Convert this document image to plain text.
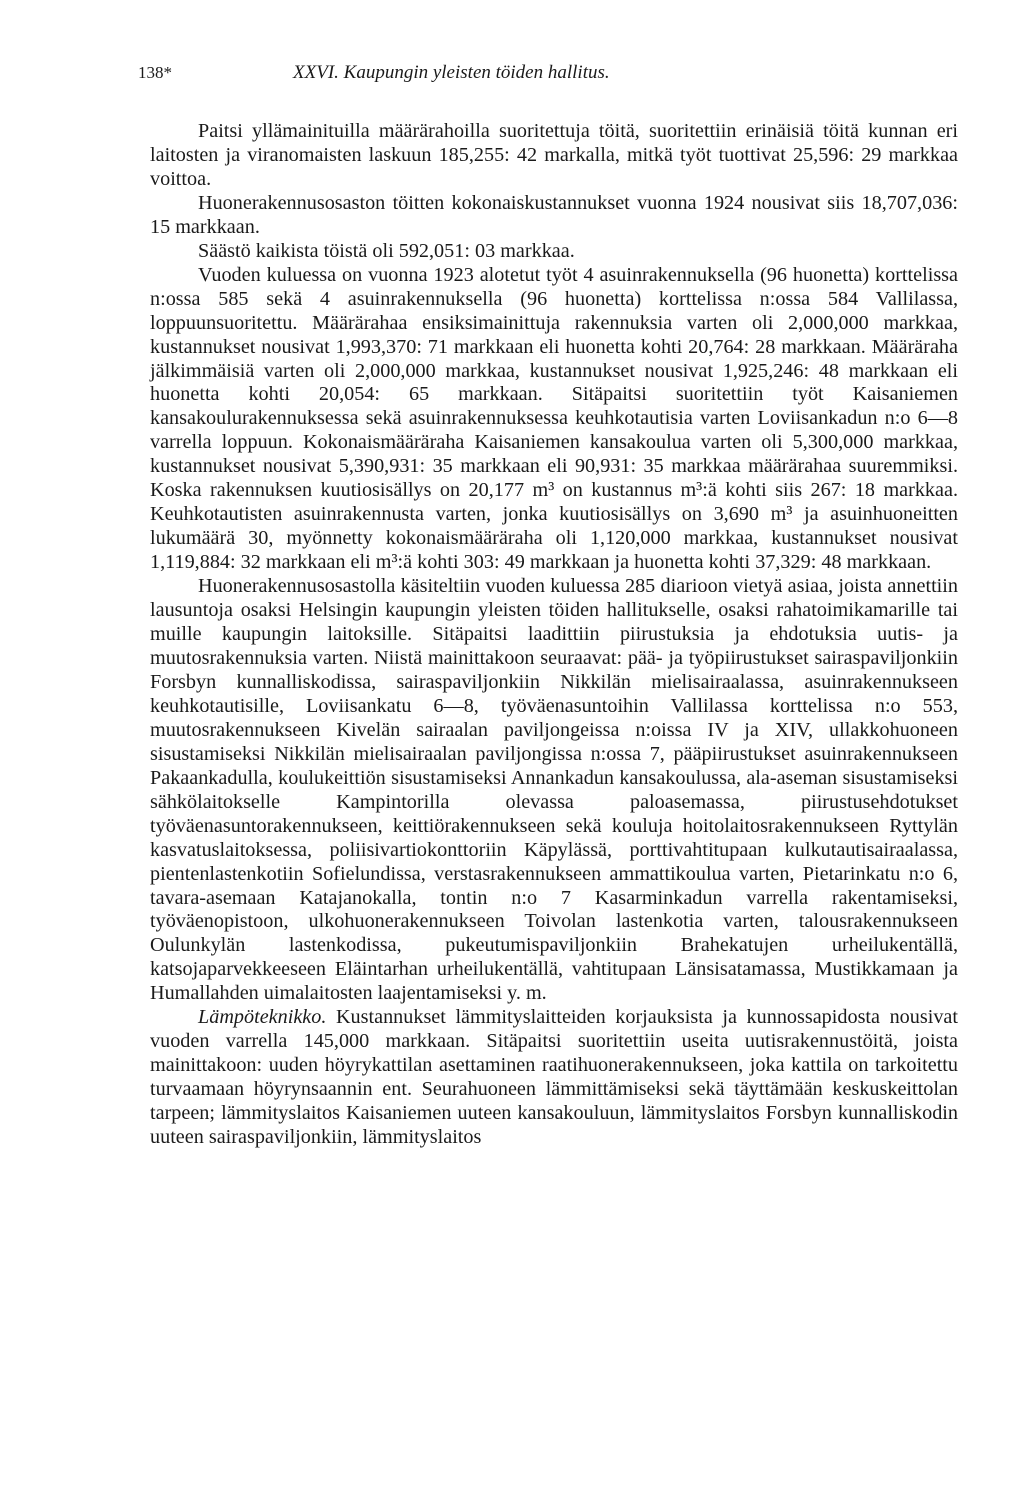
138*	XXVI. Kaupungin yleisten töiden hallitus.

Paitsi yllämainituilla määrärahoilla suoritettuja töitä, suoritettiin erinäisiä töitä kunnan eri laitosten ja viranomaisten laskuun 185,255: 42 markalla, mitkä työt tuottivat 25,596: 29 markkaa voittoa.

Huonerakennusosaston töitten kokonaiskustannukset vuonna 1924 nousivat siis 18,707,036: 15 markkaan.

Säästö kaikista töistä oli 592,051: 03 markkaa.

Vuoden kuluessa on vuonna 1923 alotetut työt 4 asuinrakennuksella (96 huonetta) korttelissa n:ossa 585 sekä 4 asuinrakennuksella (96 huonetta) korttelissa n:ossa 584 Vallilassa, loppuunsuoritettu. Määrärahaa ensiksimainittuja rakennuksia varten oli 2,000,000 markkaa, kustannukset nousivat 1,993,370: 71 markkaan eli huonetta kohti 20,764: 28 markkaan. Määräraha jälkimmäisiä varten oli 2,000,000 markkaa, kustannukset nousivat 1,925,246: 48 markkaan eli huonetta kohti 20,054: 65 markkaan. Sitäpaitsi suoritettiin työt Kaisaniemen kansakoulurakennuksessa sekä asuinrakennuksessa keuhkotautisia varten Loviisankadun n:o 6—8 varrella loppuun. Kokonaismääräraha Kaisaniemen kansakoulua varten oli 5,300,000 markkaa, kustannukset nousivat 5,390,931: 35 markkaan eli 90,931: 35 markkaa määrärahaa suuremmiksi. Koska rakennuksen kuutiosisällys on 20,177 m³ on kustannus m³:ä kohti siis 267: 18 markkaa. Keuhkotautisten asuinrakennusta varten, jonka kuutiosisällys on 3,690 m³ ja asuinhuoneitten lukumäärä 30, myönnetty kokonaismääräraha oli 1,120,000 markkaa, kustannukset nousivat 1,119,884: 32 markkaan eli m³:ä kohti 303: 49 markkaan ja huonetta kohti 37,329: 48 markkaan.

Huonerakennusosastolla käsiteltiin vuoden kuluessa 285 diarioon vietyä asiaa, joista annettiin lausuntoja osaksi Helsingin kaupungin yleisten töiden hallitukselle, osaksi rahatoimikamarille tai muille kaupungin laitoksille. Sitäpaitsi laadittiin piirustuksia ja ehdotuksia uutis- ja muutosrakennuksia varten. Niistä mainittakoon seuraavat: pää- ja työpiirustukset sairaspaviljonkiin Forsbyn kunnalliskodissa, sairaspaviljonkiin Nikkilän mielisairaalassa, asuinrakennukseen keuhkotautisille, Loviisankatu 6—8, työväenasuntoihin Vallilassa korttelissa n:o 553, muutosrakennukseen Kivelän sairaalan paviljongeissa n:oissa IV ja XIV, ullakkohuoneen sisustamiseksi Nikkilän mielisairaalan paviljongissa n:ossa 7, pääpiirustukset asuinrakennukseen Pakaankadulla, koulukeittiön sisustamiseksi Annankadun kansakoulussa, ala-aseman sisustamiseksi sähkölaitokselle Kampintorilla olevassa paloasemassa, piirustusehdotukset työväenasuntorakennukseen, keittiörakennukseen sekä kouluja hoitolaitosrakennukseen Ryttylän kasvatuslaitoksessa, poliisivartiokonttoriin Käpylässä, porttivahtitupaan kulkutautisairaalassa, pientenlastenkotiin Sofielundissa, verstasrakennukseen ammattikoulua varten, Pietarinkatu n:o 6, tavara-asemaan Katajanokalla, tontin n:o 7 Kasarminkadun varrella rakentamiseksi, työväenopistoon, ulkohuonerakennukseen Toivolan lastenkotia varten, talousrakennukseen Oulunkylän lastenkodissa, pukeutumispaviljonkiin Brahekatujen urheilukentällä, katsojaparvekkeeseen Eläintarhan urheilukentällä, vahtitupaan Länsisatamassa, Mustikkamaan ja Humallahden uimalaitosten laajentamiseksi y. m.

Lämpöteknikko. Kustannukset lämmityslaitteiden korjauksista ja kunnossapidosta nousivat vuoden varrella 145,000 markkaan. Sitäpaitsi suoritettiin useita uutisrakennustöitä, joista mainittakoon: uuden höyrykattilan asettaminen raatihuonerakennukseen, joka kattila on tarkoitettu turvaamaan höyrynsaannin ent. Seurahuoneen lämmittämiseksi sekä täyttämään keskuskeittolan tarpeen; lämmityslaitos Kaisaniemen uuteen kansakouluun, lämmityslaitos Forsbyn kunnalliskodin uuteen sairaspaviljonkiin, lämmityslaitos
